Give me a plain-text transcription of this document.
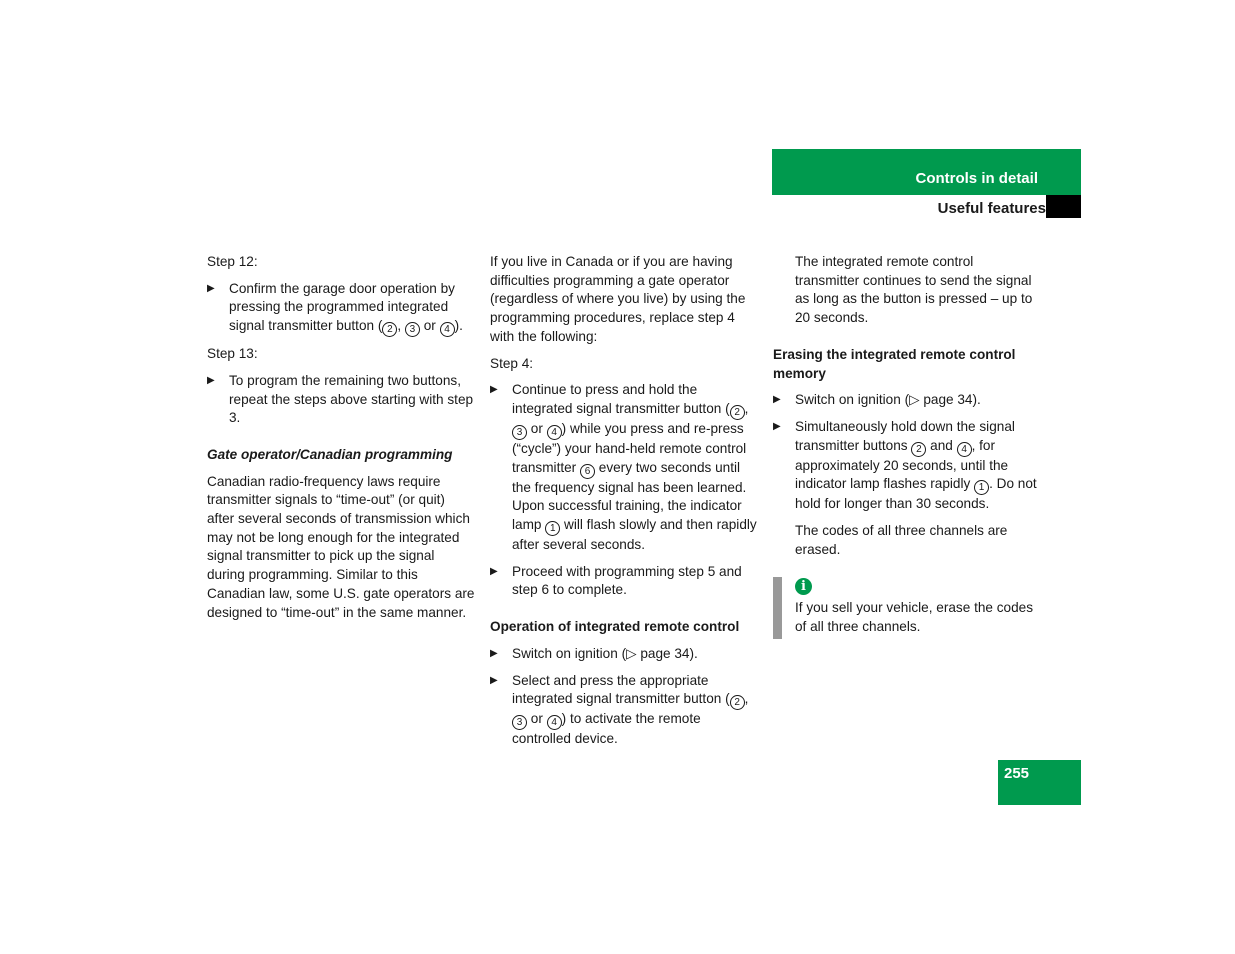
Controls in detail
Useful features

Step 12:

▶ Confirm the garage door operation by pressing the programmed integrated signal transmitter button ( 2 , 3 or 4 ).

Step 13:

▶ To program the remaining two buttons, repeat the steps above starting with step 3.
Gate operator/Canadian programming

Canadian radio-frequency laws require transmitter signals to “time-out” (or quit) after several seconds of transmission which may not be long enough for the integrated signal transmitter to pick up the signal during programming. Similar to this Canadian law, some U.S. gate operators are designed to “time-out” in the same manner.

If you live in Canada or if you are having difficulties programming a gate operator (regardless of where you live) by using the programming procedures, replace step 4 with the following:

Step 4:

▶ Continue to press and hold the integrated signal transmitter button ( 2 , 3 or 4 ) while you press and re-press (“cycle”) your hand-held remote control transmitter 6 every two seconds until the frequency signal has been learned. Upon successful training, the indicator lamp 1 will flash slowly and then rapidly after several seconds.
▶ Proceed with programming step 5 and step 6 to complete.
Operation of integrated remote control
▶ Switch on ignition (▷ page 34).
▶ Select and press the appropriate integrated signal transmitter button ( 2 , 3 or 4 ) to activate the remote controlled device.

The integrated remote control transmitter continues to send the signal as long as the button is pressed – up to 20 seconds.

Erasing the integrated remote control memory
▶ Switch on ignition (▷ page 34).
▶ Simultaneously hold down the signal transmitter buttons 2 and 4 , for approximately 20 seconds, until the indicator lamp flashes rapidly 1 . Do not hold for longer than 30 seconds.

The codes of all three channels are erased.

i
If you sell your vehicle, erase the codes of all three channels.
255
